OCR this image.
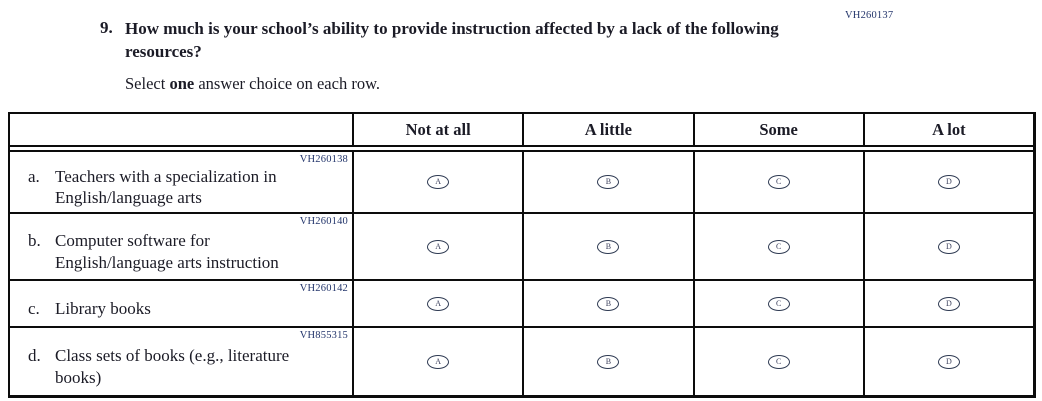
VH260137
9. How much is your school’s ability to provide instruction affected by a lack of the following resources?
Select one answer choice on each row.
Not at all	A little	Some	A lot
VH260138
a. Teachers with a specialization in English/language arts
A	B	C	D
VH260140
b. Computer software for English/language arts instruction
A	B	C	D
VH260142
c. Library books	A	B	C	D
VH855315
d. Class sets of books (e.g., literature books)
A	B	C	D
